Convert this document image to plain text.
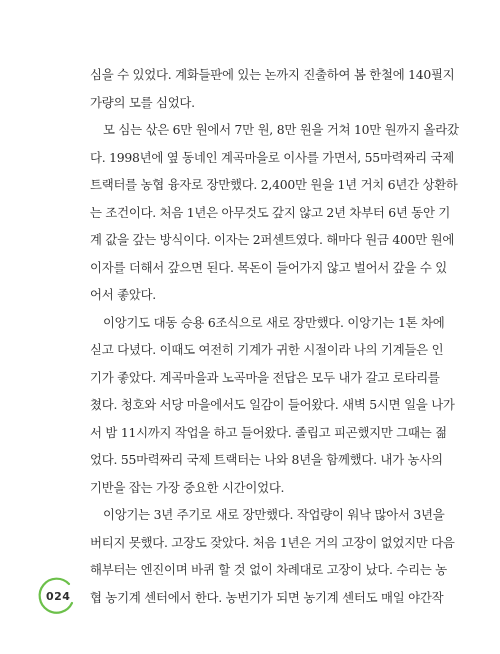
심을 수 있었다. 계화들판에 있는 논까지 진출하여 봄 한철에 140필지
가량의 모를 심었다.

모 심는 삯은 6만 원에서 7만 원, 8만 원을 거쳐 10만 원까지 올라갔
다. 1998년에 옆 동네인 계곡마을로 이사를 가면서, 55마력짜리 국제
트랙터를 농협 융자로 장만했다. 2,400만 원을 1년 거치 6년간 상환하
는 조건이다. 처음 1년은 아무것도 갚지 않고 2년 차부터 6년 동안 기
계 값을 갚는 방식이다. 이자는 2퍼센트였다. 해마다 원금 400만 원에
이자를 더해서 갚으면 된다. 목돈이 들어가지 않고 벌어서 갚을 수 있
어서 좋았다.

이앙기도 대동 승용 6조식으로 새로 장만했다. 이앙기는 1톤 차에
싣고 다녔다. 이때도 여전히 기계가 귀한 시절이라 나의 기계들은 인
기가 좋았다. 계곡마을과 노곡마을 전답은 모두 내가 갈고 로타리를
쳤다. 청호와 서당 마을에서도 일감이 들어왔다. 새벽 5시면 일을 나가
서 밤 11시까지 작업을 하고 들어왔다. 졸립고 피곤했지만 그때는 젊
었다. 55마력짜리 국제 트랙터는 나와 8년을 함께했다. 내가 농사의
기반을 잡는 가장 중요한 시간이었다.

이앙기는 3년 주기로 새로 장만했다. 작업량이 워낙 많아서 3년을
버티지 못했다. 고장도 잦았다. 처음 1년은 거의 고장이 없었지만 다음
해부터는 엔진이며 바퀴 할 것 없이 차례대로 고장이 났다. 수리는 농
협 농기계 센터에서 한다. 농번기가 되면 농기계 센터도 매일 야간작

024
